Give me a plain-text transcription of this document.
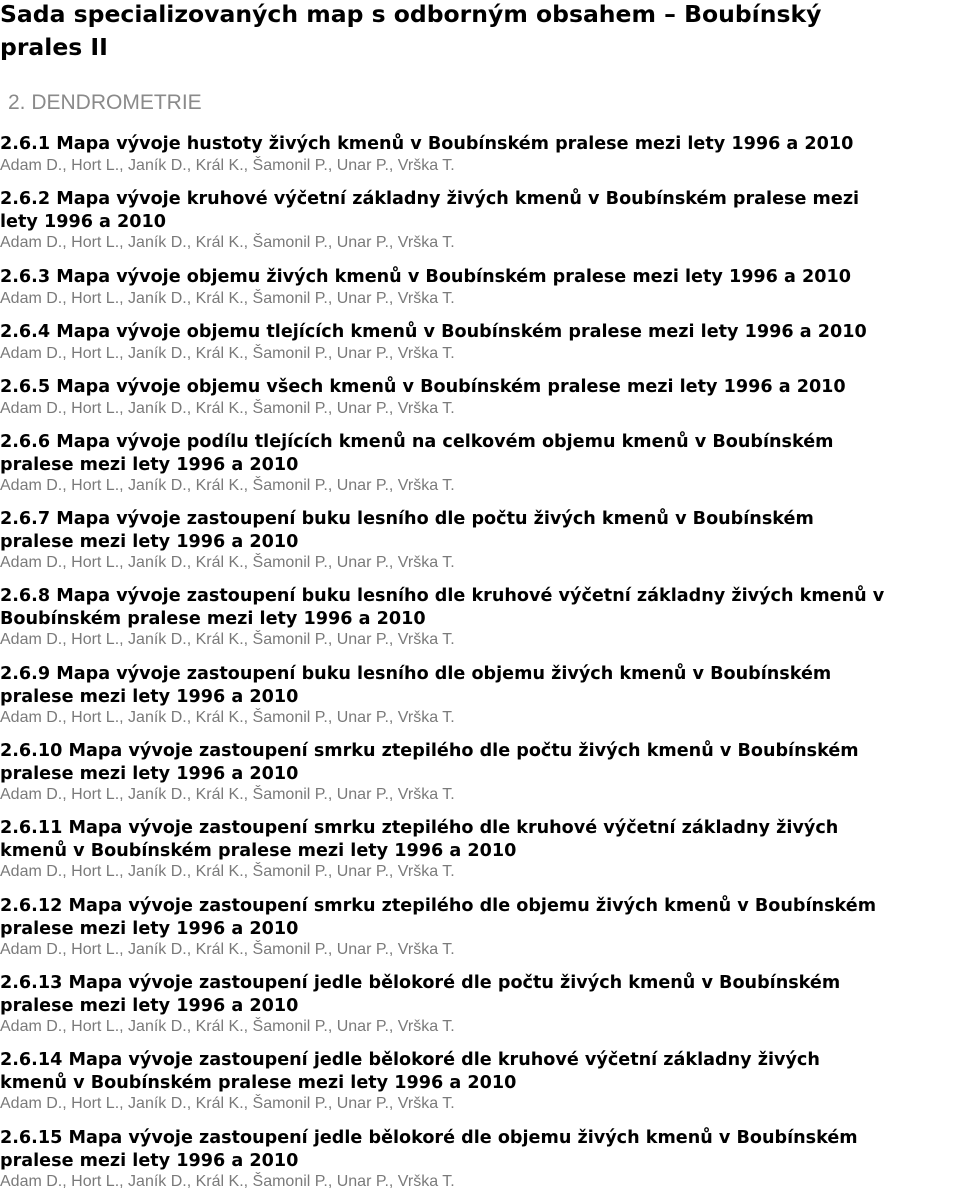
Sada specializovaných map s odborným obsahem – Boubínský
prales II
2. DENDROMETRIE
2.6.1 Mapa vývoje hustoty živých kmenů v Boubínském pralese mezi lety 1996 a 2010
Adam D., Hort L., Janík D., Král K., Šamonil P., Unar P., Vrška T.
2.6.2 Mapa vývoje kruhové výčetní základny živých kmenů v Boubínském pralese mezi
lety 1996 a 2010
Adam D., Hort L., Janík D., Král K., Šamonil P., Unar P., Vrška T.
2.6.3 Mapa vývoje objemu živých kmenů v Boubínském pralese mezi lety 1996 a 2010
Adam D., Hort L., Janík D., Král K., Šamonil P., Unar P., Vrška T.
2.6.4 Mapa vývoje objemu tlejících kmenů v Boubínském pralese mezi lety 1996 a 2010
Adam D., Hort L., Janík D., Král K., Šamonil P., Unar P., Vrška T.
2.6.5 Mapa vývoje objemu všech kmenů v Boubínském pralese mezi lety 1996 a 2010
Adam D., Hort L., Janík D., Král K., Šamonil P., Unar P., Vrška T.
2.6.6 Mapa vývoje podílu tlejících kmenů na celkovém objemu kmenů v Boubínském
pralese mezi lety 1996 a 2010
Adam D., Hort L., Janík D., Král K., Šamonil P., Unar P., Vrška T.
2.6.7 Mapa vývoje zastoupení buku lesního dle počtu živých kmenů v Boubínském
pralese mezi lety 1996 a 2010
Adam D., Hort L., Janík D., Král K., Šamonil P., Unar P., Vrška T.
2.6.8 Mapa vývoje zastoupení buku lesního dle kruhové výčetní základny živých kmenů v
Boubínském pralese mezi lety 1996 a 2010
Adam D., Hort L., Janík D., Král K., Šamonil P., Unar P., Vrška T.
2.6.9 Mapa vývoje zastoupení buku lesního dle objemu živých kmenů v Boubínském
pralese mezi lety 1996 a 2010
Adam D., Hort L., Janík D., Král K., Šamonil P., Unar P., Vrška T.
2.6.10 Mapa vývoje zastoupení smrku ztepilého dle počtu živých kmenů v Boubínském
pralese mezi lety 1996 a 2010
Adam D., Hort L., Janík D., Král K., Šamonil P., Unar P., Vrška T.
2.6.11 Mapa vývoje zastoupení smrku ztepilého dle kruhové výčetní základny živých
kmenů v Boubínském pralese mezi lety 1996 a 2010
Adam D., Hort L., Janík D., Král K., Šamonil P., Unar P., Vrška T.
2.6.12 Mapa vývoje zastoupení smrku ztepilého dle objemu živých kmenů v Boubínském
pralese mezi lety 1996 a 2010
Adam D., Hort L., Janík D., Král K., Šamonil P., Unar P., Vrška T.
2.6.13 Mapa vývoje zastoupení jedle bělokoré dle počtu živých kmenů v Boubínském
pralese mezi lety 1996 a 2010
Adam D., Hort L., Janík D., Král K., Šamonil P., Unar P., Vrška T.
2.6.14 Mapa vývoje zastoupení jedle bělokoré dle kruhové výčetní základny živých
kmenů v Boubínském pralese mezi lety 1996 a 2010
Adam D., Hort L., Janík D., Král K., Šamonil P., Unar P., Vrška T.
2.6.15 Mapa vývoje zastoupení jedle bělokoré dle objemu živých kmenů v Boubínském
pralese mezi lety 1996 a 2010
Adam D., Hort L., Janík D., Král K., Šamonil P., Unar P., Vrška T.
